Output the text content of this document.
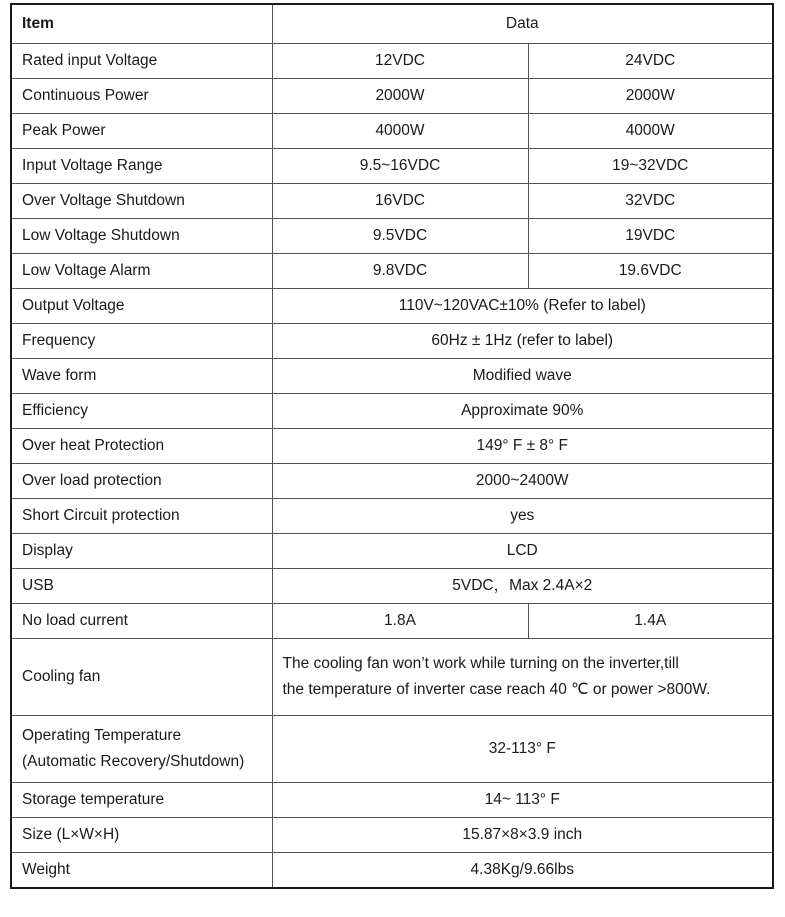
Item	Data	
Rated input Voltage	12VDC	24VDC
Continuous Power	2000W	2000W
Peak Power	4000W	4000W
Input Voltage Range	9.5~16VDC	19~32VDC
Over Voltage Shutdown	16VDC	32VDC
Low Voltage Shutdown	9.5VDC	19VDC
Low Voltage Alarm	9.8VDC	19.6VDC
Output Voltage	110V~120VAC±10% (Refer to label)	
Frequency	60Hz ± 1Hz (refer to label)	
Wave form	Modified wave	
Efficiency	Approximate 90%	
Over heat Protection	149° F ± 8° F	
Over load protection	2000~2400W	
Short Circuit protection	yes	
Display	LCD	
USB	5VDC，Max 2.4A×2	
No load current	1.8A	1.4A
Cooling fan	The cooling fan won’t work while turning on the inverter,till
the temperature of inverter case reach 40 ℃ or power >800W.	

Operating Temperature
(Automatic Recovery/Shutdown)	32-113° F	
Storage temperature	14~ 113° F	
Size (L×W×H)	15.87×8×3.9 inch	
Weight	4.38Kg/9.66lbs	
